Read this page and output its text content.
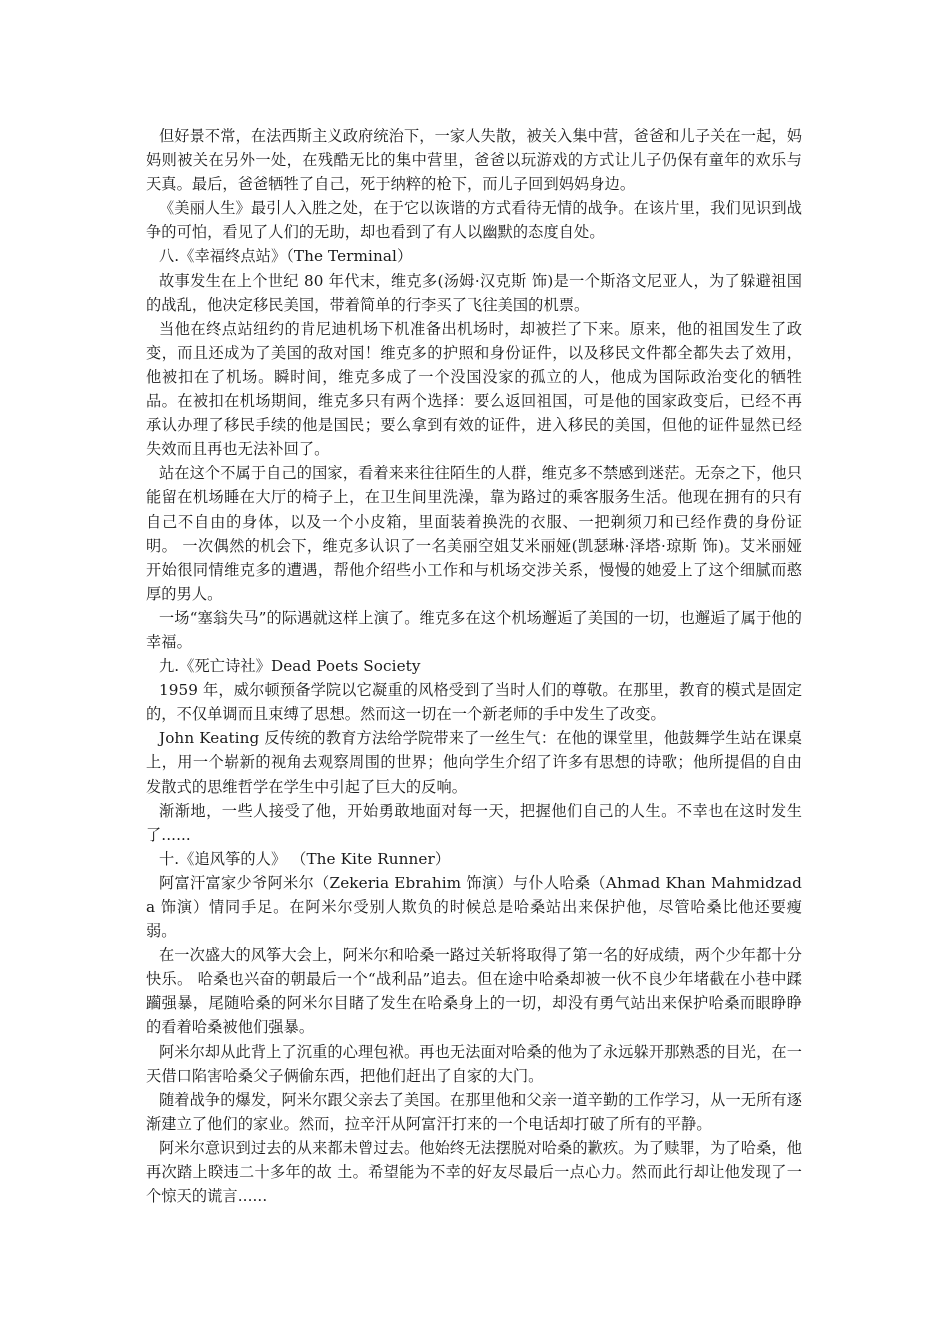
但好景不常，在法西斯主义政府统治下，一家人失散，被关入集中营，爸爸和儿子关在一起，妈妈则被关在另外一处，在残酷无比的集中营里，爸爸以玩游戏的方式让儿子仍保有童年的欢乐与天真。最后，爸爸牺牲了自己，死于纳粹的枪下，而儿子回到妈妈身边。

《美丽人生》最引人入胜之处，在于它以诙谐的方式看待无情的战争。在该片里，我们见识到战争的可怕，看见了人们的无助，却也看到了有人以幽默的态度自处。

八.《幸福终点站》（The Terminal）

故事发生在上个世纪 80 年代末，维克多(汤姆·汉克斯 饰)是一个斯洛文尼亚人，为了躲避祖国的战乱，他决定移民美国，带着简单的行李买了飞往美国的机票。

当他在终点站纽约的肯尼迪机场下机准备出机场时，却被拦了下来。原来，他的祖国发生了政变，而且还成为了美国的敌对国！维克多的护照和身份证件，以及移民文件都全都失去了效用，他被扣在了机场。瞬时间，维克多成了一个没国没家的孤立的人，他成为国际政治变化的牺牲品。在被扣在机场期间，维克多只有两个选择：要么返回祖国，可是他的国家政变后，已经不再承认办理了移民手续的他是国民；要么拿到有效的证件，进入移民的美国，但他的证件显然已经失效而且再也无法补回了。

站在这个不属于自己的国家，看着来来往往陌生的人群，维克多不禁感到迷茫。无奈之下，他只能留在机场睡在大厅的椅子上，在卫生间里洗澡，靠为路过的乘客服务生活。他现在拥有的只有自己不自由的身体，以及一个小皮箱，里面装着换洗的衣服、一把剃须刀和已经作费的身份证明。 一次偶然的机会下，维克多认识了一名美丽空姐艾米丽娅(凯瑟琳·泽塔·琼斯 饰)。艾米丽娅开始很同情维克多的遭遇，帮他介绍些小工作和与机场交涉关系，慢慢的她爱上了这个细腻而憨厚的男人。

一场“塞翁失马”的际遇就这样上演了。维克多在这个机场邂逅了美国的一切，也邂逅了属于他的幸福。

九.《死亡诗社》Dead Poets Society

1959 年，威尔顿预备学院以它凝重的风格受到了当时人们的尊敬。在那里，教育的模式是固定的，不仅单调而且束缚了思想。然而这一切在一个新老师的手中发生了改变。

John Keating 反传统的教育方法给学院带来了一丝生气：在他的课堂里，他鼓舞学生站在课桌上，用一个崭新的视角去观察周围的世界；他向学生介绍了许多有思想的诗歌；他所提倡的自由发散式的思维哲学在学生中引起了巨大的反响。

渐渐地，一些人接受了他，开始勇敢地面对每一天，把握他们自己的人生。不幸也在这时发生了......

十.《追风筝的人》 （The Kite Runner）

阿富汗富家少爷阿米尔（Zekeria Ebrahim 饰演）与仆人哈桑（Ahmad Khan Mahmidzada 饰演）情同手足。在阿米尔受别人欺负的时候总是哈桑站出来保护他，尽管哈桑比他还要瘦弱。

在一次盛大的风筝大会上，阿米尔和哈桑一路过关斩将取得了第一名的好成绩，两个少年都十分快乐。 哈桑也兴奋的朝最后一个“战利品”追去。但在途中哈桑却被一伙不良少年堵截在小巷中蹂躏强暴，尾随哈桑的阿米尔目睹了发生在哈桑身上的一切，却没有勇气站出来保护哈桑而眼睁睁的看着哈桑被他们强暴。

阿米尔却从此背上了沉重的心理包袱。再也无法面对哈桑的他为了永远躲开那熟悉的目光，在一天借口陷害哈桑父子俩偷东西，把他们赶出了自家的大门。

随着战争的爆发，阿米尔跟父亲去了美国。在那里他和父亲一道辛勤的工作学习，从一无所有逐渐建立了他们的家业。然而，拉辛汗从阿富汗打来的一个电话却打破了所有的平静。

阿米尔意识到过去的从来都未曾过去。他始终无法摆脱对哈桑的歉疚。为了赎罪，为了哈桑，他再次踏上睽违二十多年的故 土。希望能为不幸的好友尽最后一点心力。然而此行却让他发现了一个惊天的谎言......
